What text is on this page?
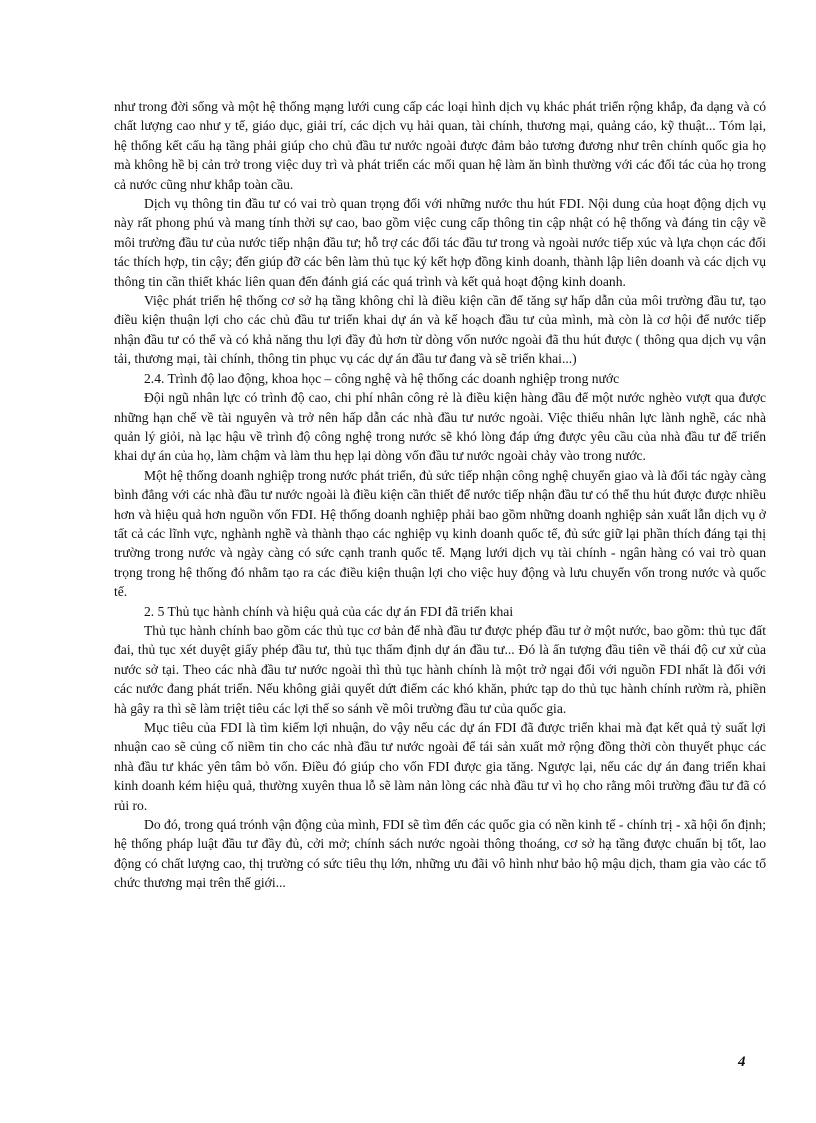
như trong đời sống và một hệ thống mạng lưới cung cấp các loại hình dịch vụ khác phát triển rộng khắp, đa dạng và có chất lượng cao như y tế, giáo dục, giải trí, các dịch vụ hải quan, tài chính, thương mại, quảng cáo, kỹ thuật... Tóm lại, hệ thống kết cấu hạ tầng phải giúp cho chủ đầu tư nước ngoài được đảm bảo tương đương như trên chính quốc gia họ mà không hề bị cản trở trong việc duy trì và phát triển các mối quan hệ làm ăn bình thường với các đối tác của họ trong cả nước cũng như khắp toàn cầu.

Dịch vụ thông tin đầu tư có vai trò quan trọng đối với những nước thu hút FDI. Nội dung của hoạt động dịch vụ này rất phong phú và mang tính thời sự cao, bao gồm việc cung cấp thông tin cập nhật có hệ thống và đáng tin cậy về môi trường đầu tư của nước tiếp nhận đầu tư; hỗ trợ các đối tác đầu tư trong và ngoài nước tiếp xúc và lựa chọn các đối tác thích hợp, tin cậy; đến giúp đỡ các bên làm thủ tục ký kết hợp đồng kinh doanh, thành lập liên doanh và các dịch vụ thông tin cần thiết khác liên quan đến đánh giá các quá trình và kết quả hoạt động kinh doanh.

Việc phát triển hệ thống cơ sở hạ tầng không chỉ là điều kiện cần để tăng sự hấp dẫn của môi trường đầu tư, tạo điều kiện thuận lợi cho các chủ đầu tư triển khai dự án và kế hoạch đầu tư của mình, mà còn là cơ hội để nước tiếp nhận đầu tư có thể và có khả năng thu lợi đầy đủ hơn từ dòng vốn nước ngoài đã thu hút được ( thông qua dịch vụ vận tải, thương mại, tài chính, thông tin phục vụ các dự án đầu tư đang và sẽ triển khai...)

2.4. Trình độ lao động, khoa học – công nghệ và hệ thống các doanh nghiệp trong nước

Đội ngũ nhân lực có trình độ cao, chi phí nhân công rẻ là điều kiện hàng đầu để một nước nghèo vượt qua được những hạn chế về tài nguyên và trở nên hấp dẫn các nhà đầu tư nước ngoài. Việc thiếu nhân lực lành nghề, các nhà quản lý giỏi, nà lạc hậu về trình độ công nghệ trong nước sẽ khó lòng đáp ứng được yêu cầu của nhà đầu tư để triển khai dự án của họ, làm chậm và làm thu hẹp lại dòng vốn đầu tư nước ngoài chảy vào trong nước.

Một hệ thống doanh nghiệp trong nước phát triển, đủ sức tiếp nhận công nghệ chuyển giao và là đối tác ngày càng bình đẳng với các nhà đầu tư nước ngoài là điều kiện cần thiết để nước tiếp nhận đầu tư có thể thu hút được được nhiều hơn và hiệu quả hơn nguồn vốn FDI. Hệ thống doanh nghiệp phải bao gồm những doanh nghiệp sản xuất lẫn dịch vụ ở tất cả các lĩnh vực, nghành nghề và thành thạo các nghiệp vụ kinh doanh quốc tế, đủ sức giữ lại phần thích đáng tại thị trường trong nước và ngày càng có sức cạnh tranh quốc tế. Mạng lưới dịch vụ tài chính - ngân hàng có vai trò quan trọng trong hệ thống đó nhằm tạo ra các điều kiện thuận lợi cho việc huy động và lưu chuyển vốn trong nước và quốc tế.

2. 5 Thủ tục hành chính và hiệu quả của các dự án FDI đã triển khai

Thủ tục hành chính bao gồm các thủ tục cơ bản để nhà đầu tư được phép đầu tư ở một nước, bao gồm: thủ tục đất đai, thủ tục xét duyệt giấy phép đầu tư, thủ tục thẩm định dự án đầu tư... Đó là ấn tượng đầu tiên về thái độ cư xử của nước sở tại. Theo các nhà đầu tư nước ngoài thì thủ tục hành chính là một trở ngại đối với nguồn FDI nhất là đối với các nước đang phát triển. Nếu không giải quyết dứt điểm các khó khăn, phức tạp do thủ tục hành chính rườm rà, phiền hà gây ra thì sẽ làm triệt tiêu các lợi thế so sánh về môi trường đầu tư của quốc gia.

Mục tiêu của FDI là tìm kiếm lợi nhuận, do vậy nếu các dự án FDI đã được triển khai mà đạt kết quả tỷ suất lợi nhuận cao sẽ củng cố niềm tin cho các nhà đầu tư nước ngoài để tái sản xuất mở rộng đồng thời còn thuyết phục các nhà đầu tư khác yên tâm bỏ vốn. Điều đó giúp cho vốn FDI được gia tăng. Ngược lại, nếu các dự án đang triển khai kinh doanh kém hiệu quả, thường xuyên thua lỗ sẽ làm nản lòng các nhà đầu tư vì họ cho rằng môi trường đầu tư đã có rủi ro.

Do đó, trong quá trónh vận động của mình, FDI sẽ tìm đến các quốc gia có nền kinh tế - chính trị - xã hội ổn định; hệ thống pháp luật đầu tư đầy đủ, cởi mở; chính sách nước ngoài thông thoáng, cơ sở hạ tầng được chuẩn bị tốt, lao động có chất lượng cao, thị trường có sức tiêu thụ lớn, những ưu đãi vô hình như bảo hộ mậu dịch, tham gia vào các tổ chức thương mại trên thế giới...

4
